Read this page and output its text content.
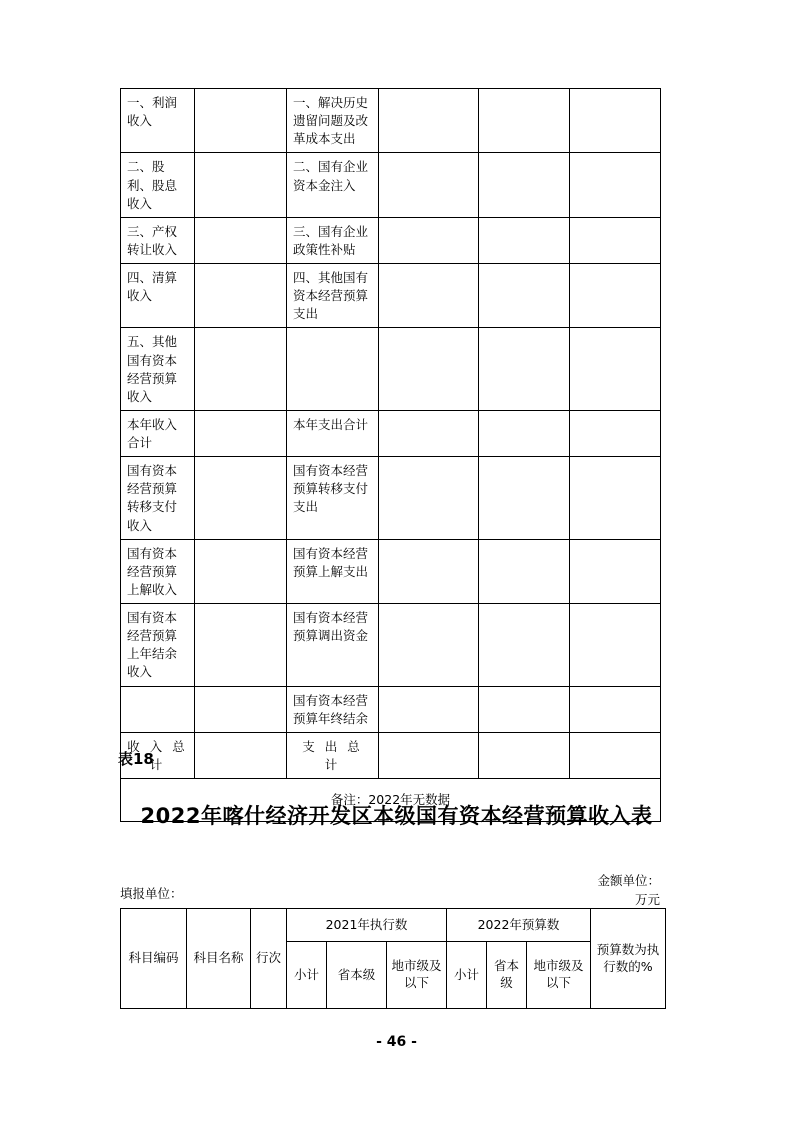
一、利润收入		一、解决历史遗留问题及改革成本支出			
二、股利、股息收入		二、国有企业资本金注入			
三、产权转让收入		三、国有企业政策性补贴			
四、清算收入		四、其他国有资本经营预算支出			
五、其他国有资本经营预算收入					
本年收入合计		本年支出合计			
国有资本经营预算转移支付收入		国有资本经营预算转移支付支出			
国有资本经营预算上解收入		国有资本经营预算上解支出			
国有资本经营预算上年结余收入		国有资本经营预算调出资金			
		国有资本经营预算年终结余			
收 入 总 计		支 出 总 计			
备注：2022年无数据					
表18
2022年喀什经济开发区本级国有资本经营预算收入表
金额单位：
万元
填报单位：
科目编码	科目名称	行次	2021年执行数			2022年预算数			预算数为执行数的%
			小计	省本级	地市级及以下	小计	省本级	地市级及以下	
- 46 -
